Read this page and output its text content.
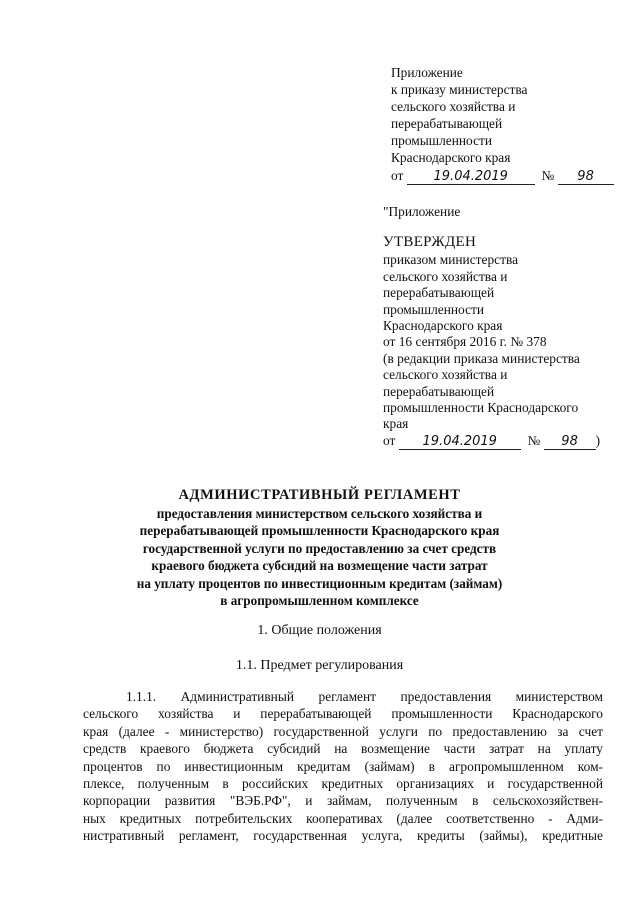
Приложение
к приказу министерства
сельского хозяйства и
перерабатывающей
промышленности
Краснодарского края
от 19.04.2019 № 98
"Приложение
УТВЕРЖДЕН
приказом министерства
сельского хозяйства и
перерабатывающей
промышленности
Краснодарского края
от 16 сентября 2016 г. № 378
(в редакции приказа министерства
сельского хозяйства и
перерабатывающей
промышленности Краснодарского
края
от 19.04.2019 № 98 )
АДМИНИСТРАТИВНЫЙ РЕГЛАМЕНТ
предоставления министерством сельского хозяйства и
перерабатывающей промышленности Краснодарского края
государственной услуги по предоставлению за счет средств
краевого бюджета субсидий на возмещение части затрат
на уплату процентов по инвестиционным кредитам (займам)
в агропромышленном комплексе
1. Общие положения
1.1. Предмет регулирования
1.1.1. Административный регламент предоставления министерством
сельского хозяйства и перерабатывающей промышленности Краснодарского
края (далее - министерство) государственной услуги по предоставлению за счет
средств краевого бюджета субсидий на возмещение части затрат на уплату
процентов по инвестиционным кредитам (займам) в агропромышленном ком-
плексе, полученным в российских кредитных организациях и государственной
корпорации развития "ВЭБ.РФ", и займам, полученным в сельскохозяйствен-
ных кредитных потребительских кооперативах (далее соответственно - Адми-
нистративный регламент, государственная услуга, кредиты (займы), кредитные
